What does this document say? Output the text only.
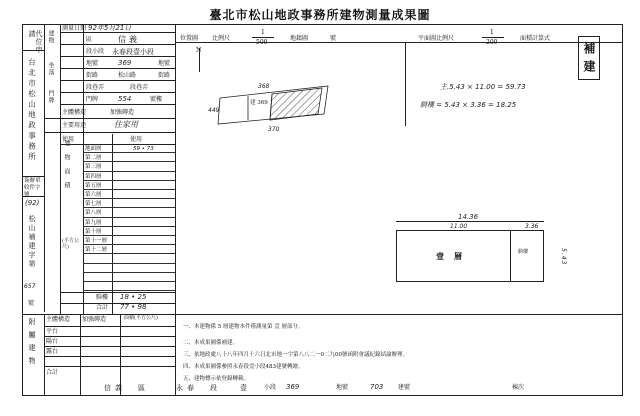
臺北市松山地政事務所建物測量成果圖
代位申請
台北市松山地政事務所
簽辦單收件字號
(92)
松山補建字第
657
號
建物
坐落
門牌
建物面積
(平方公尺)
測量日期 92年5月21日
區	信義
段小段 永春段壹小段
地號	369	地號
街路	松山路	街路
段巷弄	段巷弄
門牌	554	號樓
主體構造	加強磚造
主要用途	住家用
使用	使用
地面層	59 • 73
第二層
第三層
第四層
第五層
第六層
第七層
第八層
第九層
第十層
第十一層
第十二層
騎樓 18 • 25
合計 77 • 98
附屬建物 主體構造 加強磚造	面積(平方公尺)
平台
陽台
露台
合計
位置圖 比例尺
1
500
地籍圖	號	平面圖比例尺
1
200
面積計算式
補建
N
368
449
建 369
370
主.5.43 × 11.00 = 59.73
騎樓 = 5.43 × 3.36 = 18.25
14.36
11.00	3.36
壹層	騎樓	5.43
一、本建物係 5 層建物本件僅測量第 壹 層部分。
二、本成果圖係補建。
三、依地政處八十八年四月十六日北市地一字第八八二一0二九00號函附會議紀錄結論辦理。
四、本成果圖係參照永春段壹小段483建號轉繪。
五、建物標示依登錄轉載。
信義 區	永春 段	壹	小段 369	地號	703 建號	棟次
